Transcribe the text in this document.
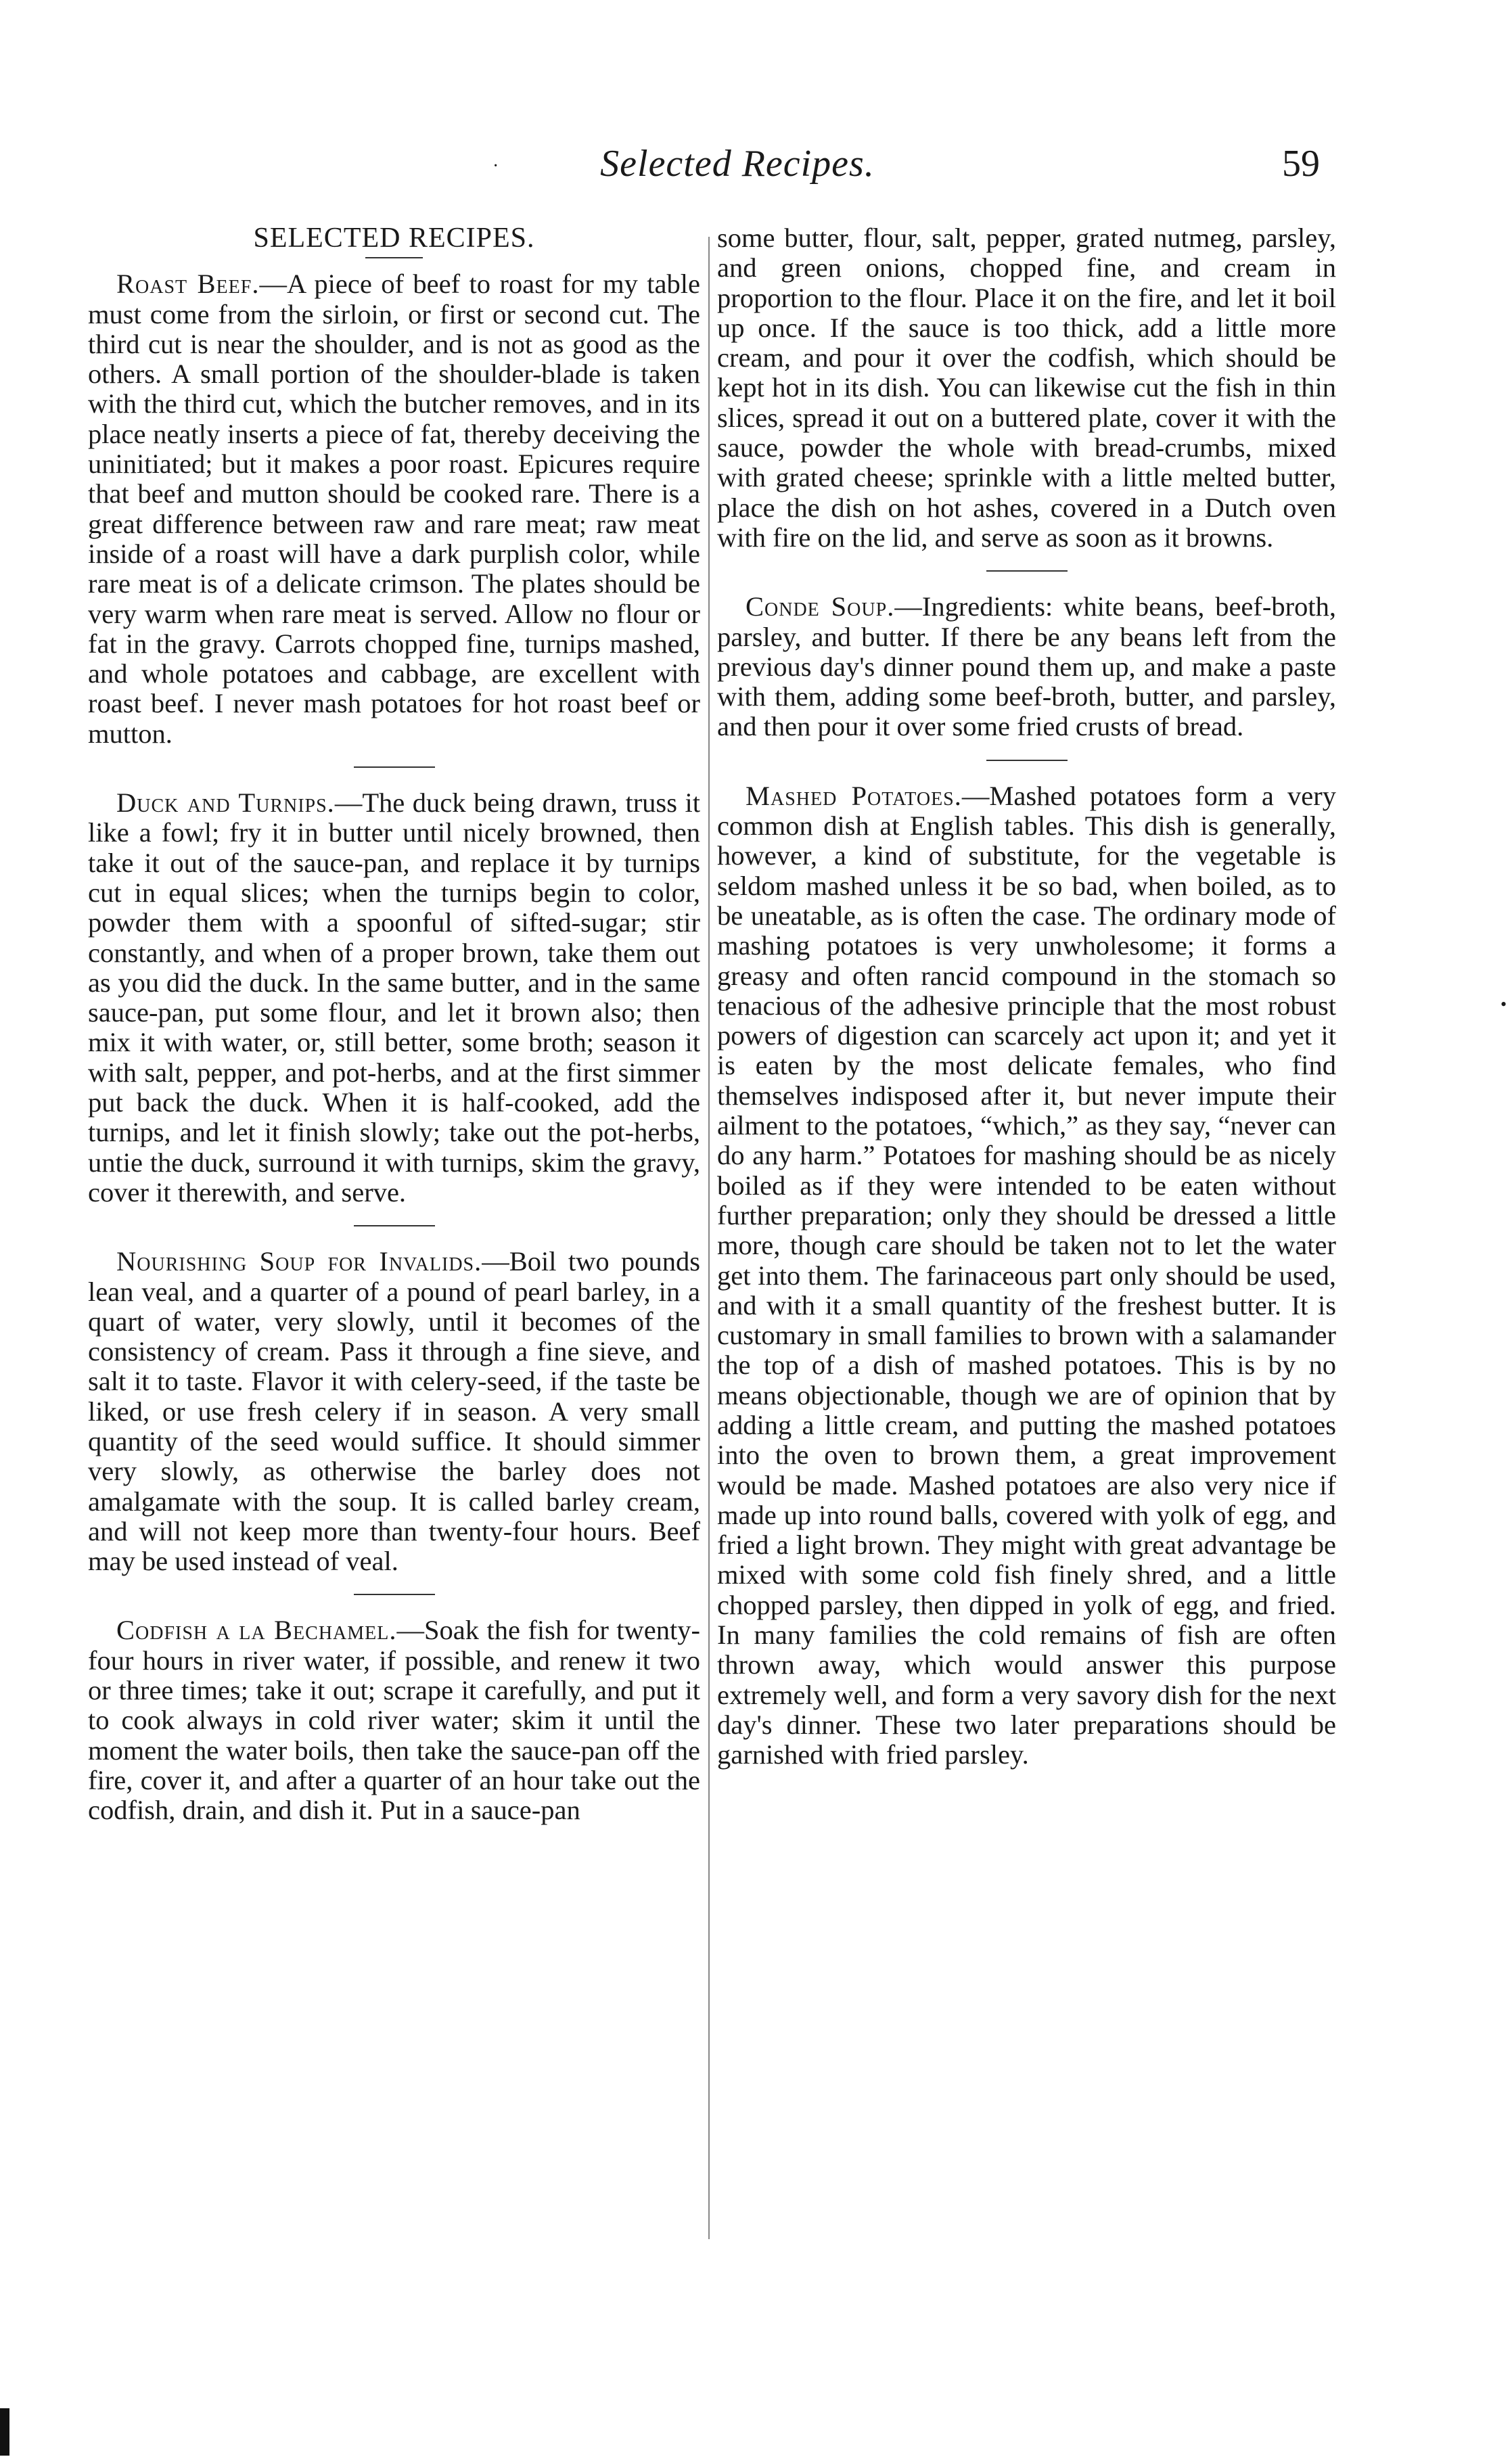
·	Selected Recipes.	59
SELECTED RECIPES.

Roast Beef.—A piece of beef to roast for my table must come from the sirloin, or first or second cut. The third cut is near the shoulder, and is not as good as the others. A small portion of the shoulder-blade is taken with the third cut, which the butcher removes, and in its place neatly inserts a piece of fat, thereby deceiving the uninitiated; but it makes a poor roast. Epicures require that beef and mutton should be cooked rare. There is a great difference between raw and rare meat; raw meat inside of a roast will have a dark purplish color, while rare meat is of a delicate crimson. The plates should be very warm when rare meat is served. Allow no flour or fat in the gravy. Carrots chopped fine, turnips mashed, and whole potatoes and cabbage, are excellent with roast beef. I never mash potatoes for hot roast beef or mutton.

Duck and Turnips.—The duck being drawn, truss it like a fowl; fry it in butter until nicely browned, then take it out of the sauce-pan, and replace it by turnips cut in equal slices; when the turnips begin to color, powder them with a spoonful of sifted-sugar; stir constantly, and when of a proper brown, take them out as you did the duck. In the same butter, and in the same sauce-pan, put some flour, and let it brown also; then mix it with water, or, still better, some broth; season it with salt, pepper, and pot-herbs, and at the first simmer put back the duck. When it is half-cooked, add the turnips, and let it finish slowly; take out the pot-herbs, untie the duck, surround it with turnips, skim the gravy, cover it therewith, and serve.

Nourishing Soup for Invalids.—Boil two pounds lean veal, and a quarter of a pound of pearl barley, in a quart of water, very slowly, until it becomes of the consistency of cream. Pass it through a fine sieve, and salt it to taste. Flavor it with celery-seed, if the taste be liked, or use fresh celery if in season. A very small quantity of the seed would suffice. It should simmer very slowly, as otherwise the barley does not amalgamate with the soup. It is called barley cream, and will not keep more than twenty-four hours. Beef may be used instead of veal.

Codfish a la Bechamel.—Soak the fish for twenty-four hours in river water, if possible, and renew it two or three times; take it out; scrape it carefully, and put it to cook always in cold river water; skim it until the moment the water boils, then take the sauce-pan off the fire, cover it, and after a quarter of an hour take out the codfish, drain, and dish it. Put in a sauce-pan

some butter, flour, salt, pepper, grated nutmeg, parsley, and green onions, chopped fine, and cream in proportion to the flour. Place it on the fire, and let it boil up once. If the sauce is too thick, add a little more cream, and pour it over the codfish, which should be kept hot in its dish. You can likewise cut the fish in thin slices, spread it out on a buttered plate, cover it with the sauce, powder the whole with bread-crumbs, mixed with grated cheese; sprinkle with a little melted butter, place the dish on hot ashes, covered in a Dutch oven with fire on the lid, and serve as soon as it browns.

Conde Soup.—Ingredients: white beans, beef-broth, parsley, and butter. If there be any beans left from the previous day's dinner pound them up, and make a paste with them, adding some beef-broth, butter, and parsley, and then pour it over some fried crusts of bread.

Mashed Potatoes.—Mashed potatoes form a very common dish at English tables. This dish is generally, however, a kind of substitute, for the vegetable is seldom mashed unless it be so bad, when boiled, as to be uneatable, as is often the case. The ordinary mode of mashing potatoes is very unwholesome; it forms a greasy and often rancid compound in the stomach so tenacious of the adhesive principle that the most robust powers of digestion can scarcely act upon it; and yet it is eaten by the most delicate females, who find themselves indisposed after it, but never impute their ailment to the potatoes, “which,” as they say, “never can do any harm.” Potatoes for mashing should be as nicely boiled as if they were intended to be eaten without further preparation; only they should be dressed a little more, though care should be taken not to let the water get into them. The farinaceous part only should be used, and with it a small quantity of the freshest butter. It is customary in small families to brown with a salamander the top of a dish of mashed potatoes. This is by no means objectionable, though we are of opinion that by adding a little cream, and putting the mashed potatoes into the oven to brown them, a great improvement would be made. Mashed potatoes are also very nice if made up into round balls, covered with yolk of egg, and fried a light brown. They might with great advantage be mixed with some cold fish finely shred, and a little chopped parsley, then dipped in yolk of egg, and fried. In many families the cold remains of fish are often thrown away, which would answer this purpose extremely well, and form a very savory dish for the next day's dinner. These two later preparations should be garnished with fried parsley.

•
